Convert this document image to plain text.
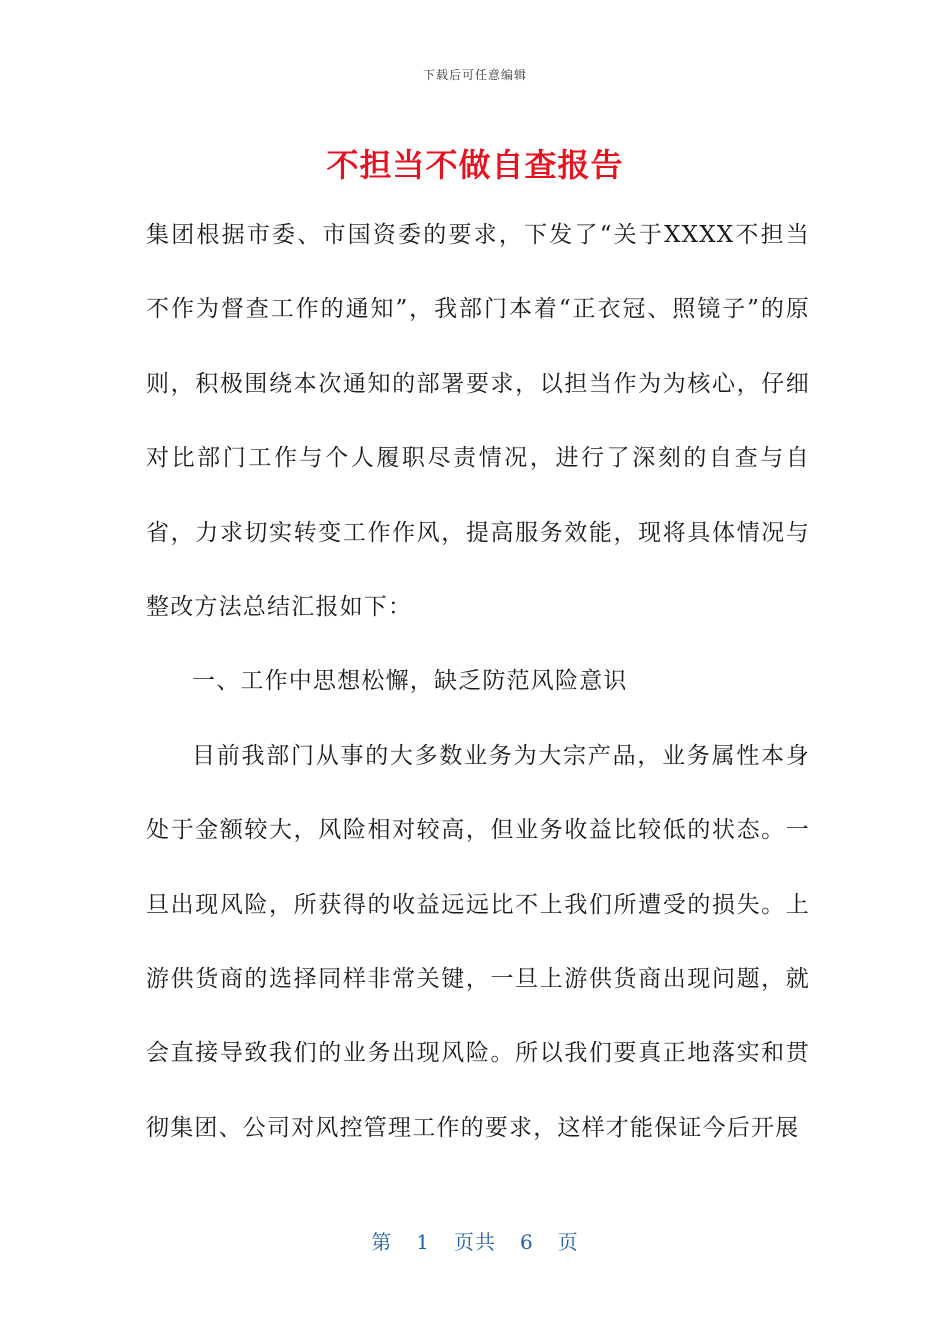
下载后可任意编辑
不担当不做自查报告

集团根据市委、市国资委的要求，下发了“关于XXXX不担当不作为督查工作的通知”，我部门本着“正衣冠、照镜子”的原则，积极围绕本次通知的部署要求，以担当作为为核心，仔细对比部门工作与个人履职尽责情况，进行了深刻的自查与自省，力求切实转变工作作风，提高服务效能，现将具体情况与整改方法总结汇报如下：

一、工作中思想松懈，缺乏防范风险意识

目前我部门从事的大多数业务为大宗产品，业务属性本身处于金额较大，风险相对较高，但业务收益比较低的状态。一旦出现风险，所获得的收益远远比不上我们所遭受的损失。上游供货商的选择同样非常关键，一旦上游供货商出现问题，就会直接导致我们的业务出现风险。所以我们要真正地落实和贯彻集团、公司对风控管理工作的要求，这样才能保证今后开展

第 1 页共 6 页
